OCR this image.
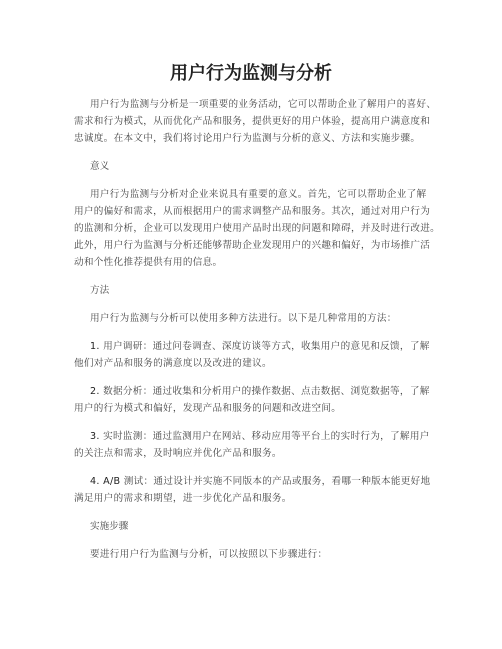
用户行为监测与分析
用户行为监测与分析是一项重要的业务活动，它可以帮助企业了解用户的喜好、
需求和行为模式，从而优化产品和服务，提供更好的用户体验，提高用户满意度和
忠诚度。在本文中，我们将讨论用户行为监测与分析的意义、方法和实施步骤。
意义
用户行为监测与分析对企业来说具有重要的意义。首先，它可以帮助企业了解
用户的偏好和需求，从而根据用户的需求调整产品和服务。其次，通过对用户行为
的监测和分析，企业可以发现用户使用产品时出现的问题和障碍，并及时进行改进。
此外，用户行为监测与分析还能够帮助企业发现用户的兴趣和偏好，为市场推广活
动和个性化推荐提供有用的信息。
方法
用户行为监测与分析可以使用多种方法进行。以下是几种常用的方法：
1. 用户调研：通过问卷调查、深度访谈等方式，收集用户的意见和反馈，了解
他们对产品和服务的满意度以及改进的建议。
2. 数据分析：通过收集和分析用户的操作数据、点击数据、浏览数据等，了解
用户的行为模式和偏好，发现产品和服务的问题和改进空间。
3. 实时监测：通过监测用户在网站、移动应用等平台上的实时行为，了解用户
的关注点和需求，及时响应并优化产品和服务。
4. A/B 测试：通过设计并实施不同版本的产品或服务，看哪一种版本能更好地
满足用户的需求和期望，进一步优化产品和服务。
实施步骤
要进行用户行为监测与分析，可以按照以下步骤进行：
